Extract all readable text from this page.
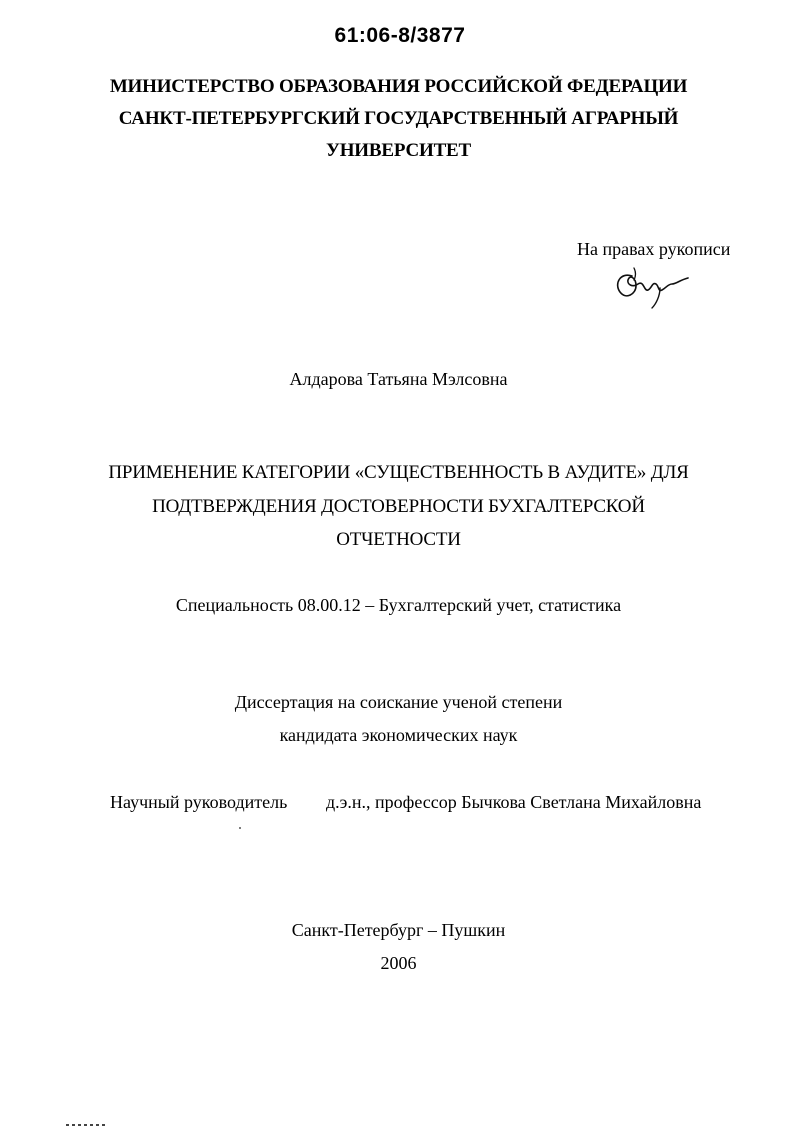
61:06-8/3877
МИНИСТЕРСТВО ОБРАЗОВАНИЯ РОССИЙСКОЙ ФЕДЕРАЦИИ
САНКТ-ПЕТЕРБУРГСКИЙ ГОСУДАРСТВЕННЫЙ АГРАРНЫЙ
УНИВЕРСИТЕТ
На правах рукописи
Алдарова Татьяна Мэлсовна
ПРИМЕНЕНИЕ КАТЕГОРИИ «СУЩЕСТВЕННОСТЬ В АУДИТЕ» ДЛЯ
ПОДТВЕРЖДЕНИЯ ДОСТОВЕРНОСТИ БУХГАЛТЕРСКОЙ
ОТЧЕТНОСТИ
Специальность 08.00.12 – Бухгалтерский учет, статистика
Диссертация на соискание ученой степени
кандидата экономических наук
Научный руководитель д.э.н., профессор Бычкова Светлана Михайловна
Санкт-Петербург – Пушкин
2006
